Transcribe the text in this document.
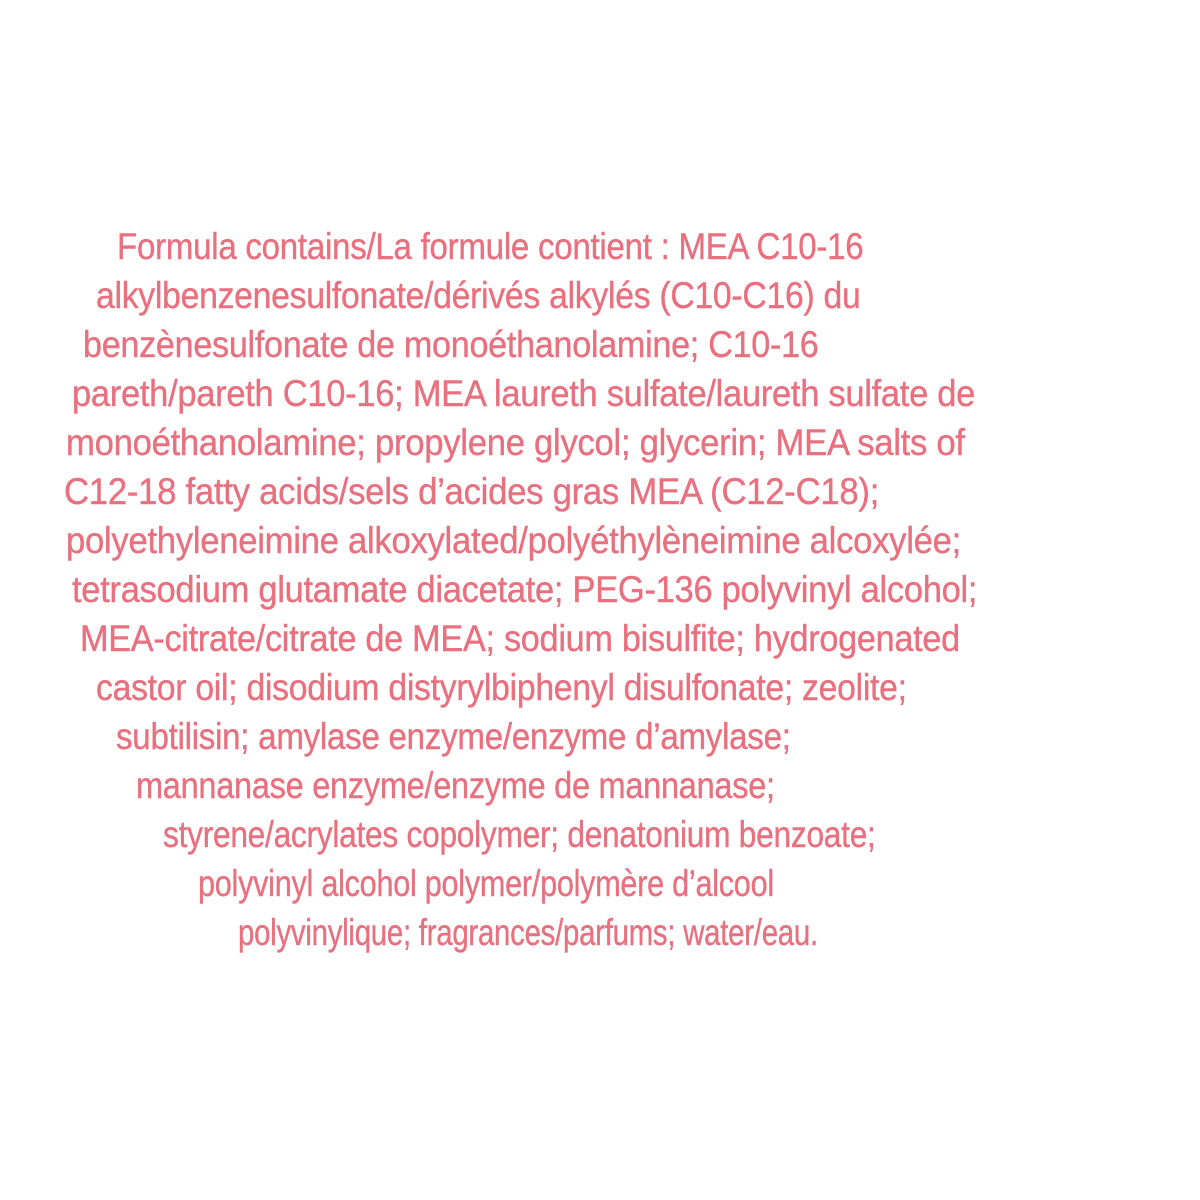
Formula contains/La formule contient : MEA C10-16
alkylbenzenesulfonate/dérivés alkylés (C10-C16) du
benzènesulfonate de monoéthanolamine; C10-16
pareth/pareth C10-16; MEA laureth sulfate/laureth sulfate de
monoéthanolamine; propylene glycol; glycerin; MEA salts of
C12-18 fatty acids/sels d’acides gras MEA (C12-C18);
polyethyleneimine alkoxylated/polyéthylèneimine alcoxylée;
tetrasodium glutamate diacetate; PEG-136 polyvinyl alcohol;
MEA-citrate/citrate de MEA; sodium bisulfite; hydrogenated
castor oil; disodium distyrylbiphenyl disulfonate; zeolite;
subtilisin; amylase enzyme/enzyme d’amylase;
mannanase enzyme/enzyme de mannanase;
styrene/acrylates copolymer; denatonium benzoate;
polyvinyl alcohol polymer/polymère d’alcool
polyvinylique; fragrances/parfums; water/eau.
